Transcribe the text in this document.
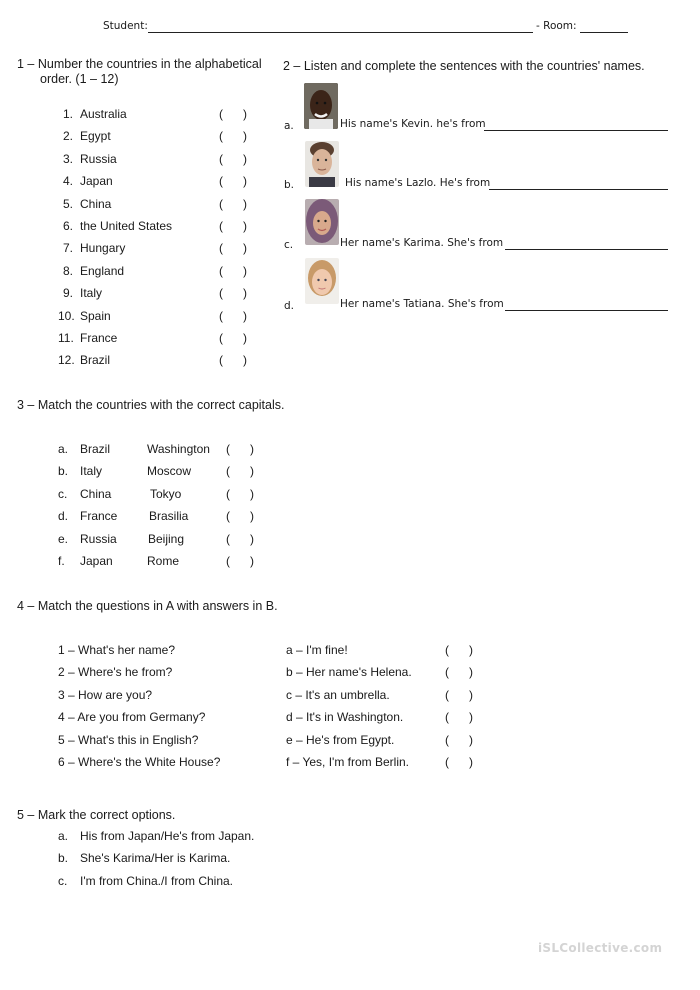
Student:	- Room:
1 – Number the countries in the alphabetical
order. (1 – 12)
1. Australia	(      )
2. Egypt	(      )
3. Russia	(      )
4. Japan	(      )
5. China	(      )
6. the United States	(      )
7. Hungary	(      )
8. England	(      )
9. Italy	(      )
10. Spain	(      )
11. France	(      )
12. Brazil	(      )
2 – Listen and complete the sentences with the countries' names.
a.	His name's Kevin. he's from
b.	His name's Lazlo. He's from
c.	Her name's Karima. She's from
d.	Her name's Tatiana. She's from
3 – Match the countries with the correct capitals.
a. Brazil	Washington (      )
b. Italy	Moscow	(      )
c. China	Tokyo	(      )
d. France	Brasilia	(      )
e. Russia	Beijing	(      )
f. Japan	Rome	(      )
4 – Match the questions in A with answers in B.
1 – What's her name?	a – I'm fine!	(      )
2 – Where's he from?	b – Her name's Helena.	(      )
3 – How are you?	c – It's an umbrella.	(      )
4 – Are you from Germany?	d – It's in Washington.	(      )
5 – What's this in English?	e – He's from Egypt.	(      )
6 – Where's the White House?	f – Yes, I'm from Berlin.	(      )
5 – Mark the correct options.
a. His from Japan/He's from Japan.
b. She's Karima/Her is Karima.
c. I'm from China./I from China.
iSLCollective.com
